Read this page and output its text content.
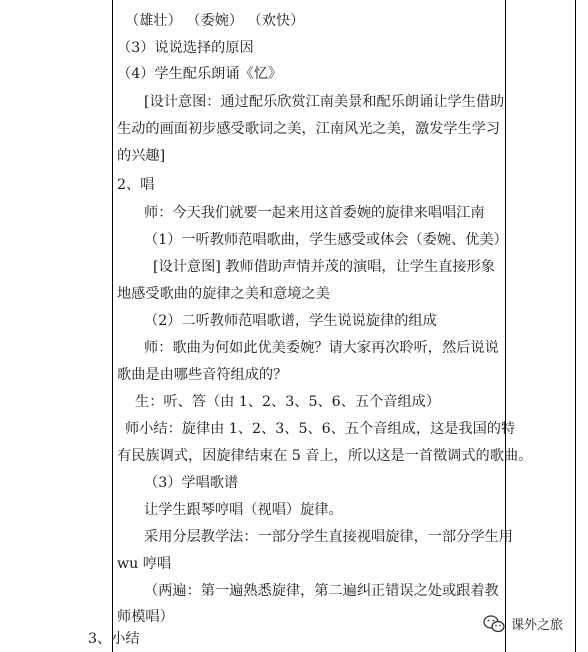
（雄壮） （委婉） （欢快）
（3）说说选择的原因
（4）学生配乐朗诵《忆》
[设计意图：通过配乐欣赏江南美景和配乐朗诵让学生借助
生动的画面初步感受歌词之美，江南风光之美，激发学生学习
的兴趣]
2、唱
师：今天我们就要一起来用这首委婉的旋律来唱唱江南
（1）一听教师范唱歌曲，学生感受或体会（委婉、优美）
[设计意图] 教师借助声情并茂的演唱，让学生直接形象
地感受歌曲的旋律之美和意境之美
（2）二听教师范唱歌谱，学生说说旋律的组成
师：歌曲为何如此优美委婉？请大家再次聆听，然后说说
歌曲是由哪些音符组成的？
生：听、答（由 1、2、3、5、6、五个音组成）
师小结：旋律由 1、2、3、5、6、五个音组成，这是我国的特
有民族调式，因旋律结束在 5 音上，所以这是一首徵调式的歌曲。
（3）学唱歌谱
让学生跟琴哼唱（视唱）旋律。
采用分层教学法：一部分学生直接视唱旋律，一部分学生用
wu 哼唱
（两遍：第一遍熟悉旋律，第二遍纠正错误之处或跟着教
师模唱）
3、小结
课外之旅
